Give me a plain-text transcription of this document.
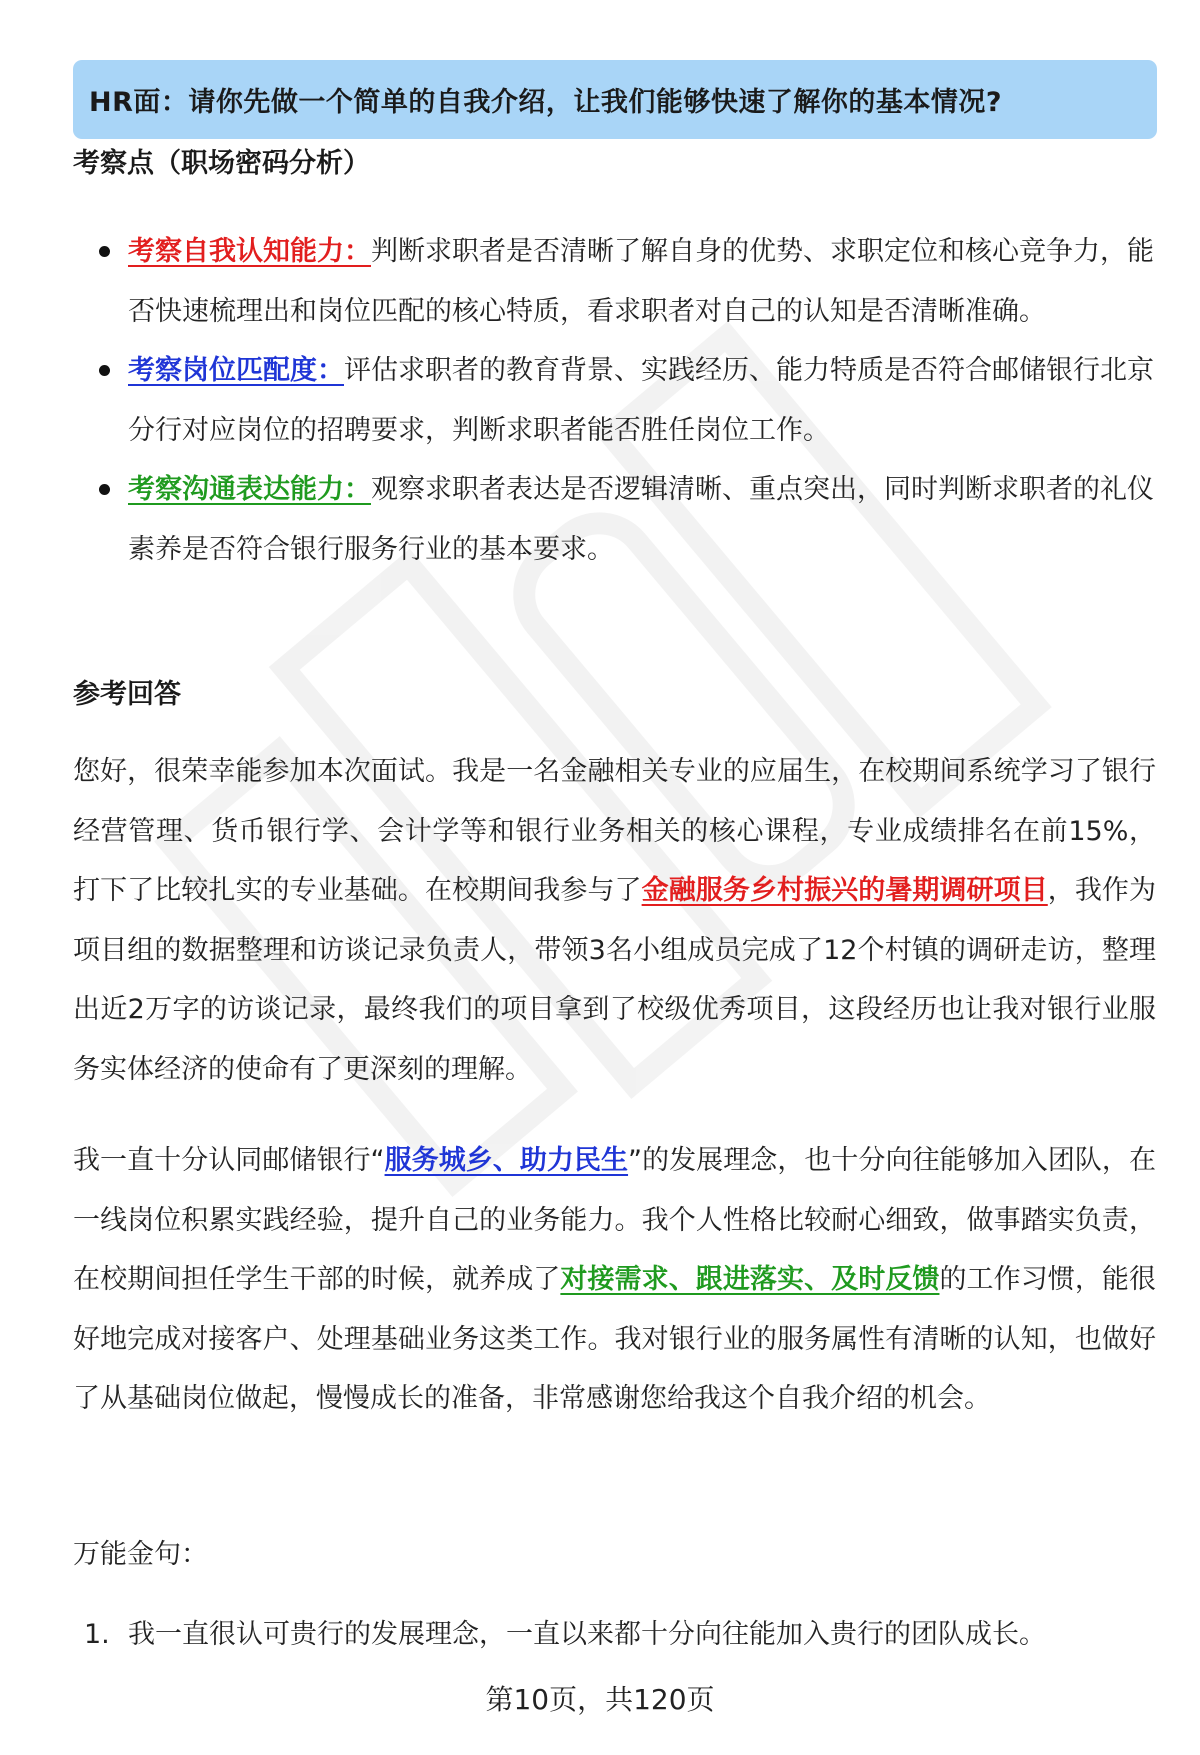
HR面：请你先做一个简单的自我介绍，让我们能够快速了解你的基本情况?
考察点（职场密码分析）
考察自我认知能力：判断求职者是否清晰了解自身的优势、求职定位和核心竞争力，能否快速梳理出和岗位匹配的核心特质，看求职者对自己的认知是否清晰准确。
考察岗位匹配度：评估求职者的教育背景、实践经历、能力特质是否符合邮储银行北京分行对应岗位的招聘要求，判断求职者能否胜任岗位工作。
考察沟通表达能力：观察求职者表达是否逻辑清晰、重点突出，同时判断求职者的礼仪素养是否符合银行服务行业的基本要求。
参考回答
您好，很荣幸能参加本次面试。我是一名金融相关专业的应届生，在校期间系统学习了银行经营管理、货币银行学、会计学等和银行业务相关的核心课程，专业成绩排名在前15%，打下了比较扎实的专业基础。在校期间我参与了金融服务乡村振兴的暑期调研项目，我作为项目组的数据整理和访谈记录负责人，带领3名小组成员完成了12个村镇的调研走访，整理出近2万字的访谈记录，最终我们的项目拿到了校级优秀项目，这段经历也让我对银行业服务实体经济的使命有了更深刻的理解。
我一直十分认同邮储银行“服务城乡、助力民生”的发展理念，也十分向往能够加入团队，在一线岗位积累实践经验，提升自己的业务能力。我个人性格比较耐心细致，做事踏实负责，在校期间担任学生干部的时候，就养成了对接需求、跟进落实、及时反馈的工作习惯，能很好地完成对接客户、处理基础业务这类工作。我对银行业的服务属性有清晰的认知，也做好了从基础岗位做起，慢慢成长的准备，非常感谢您给我这个自我介绍的机会。
万能金句：
1. 我一直很认可贵行的发展理念，一直以来都十分向往能加入贵行的团队成长。
第10页，共120页
